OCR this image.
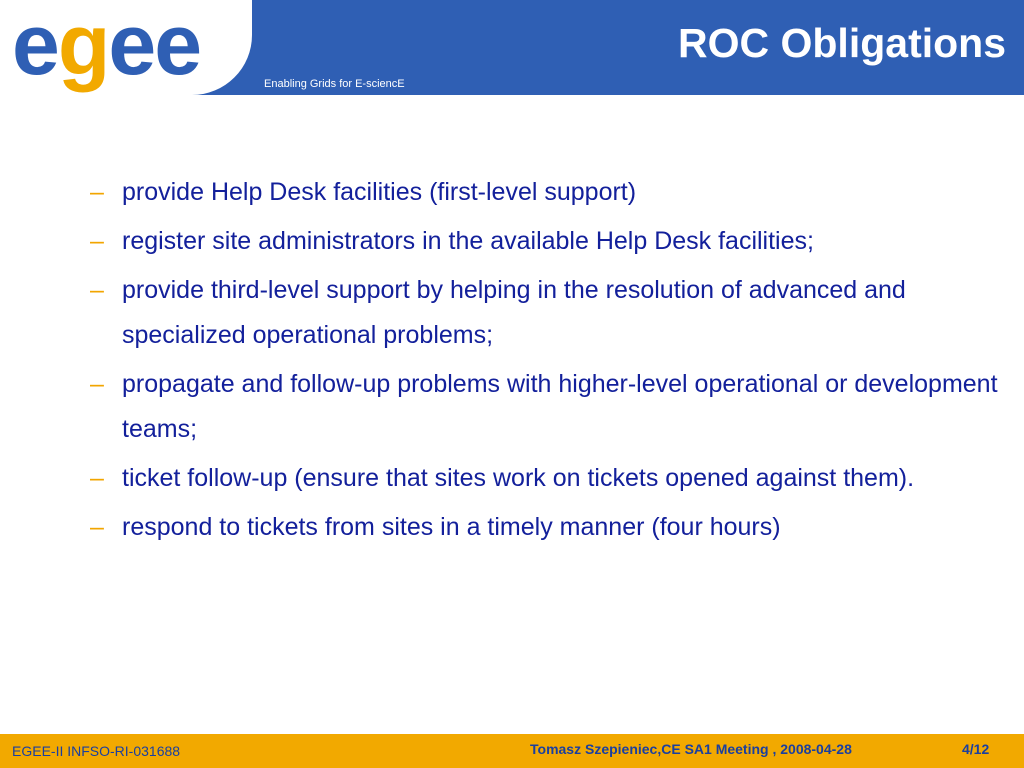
egee	ROC Obligations
Enabling Grids for E-sciencE
– provide Help Desk facilities (first-level support)
– register site administrators in the available Help Desk facilities;
– provide third-level support by helping in the resolution of advanced and specialized operational problems;
– propagate and follow-up problems with higher-level operational or development teams;
– ticket follow-up (ensure that sites work on tickets opened against them).
– respond to tickets from sites in a timely manner (four hours)
EGEE-II INFSO-RI-031688	Tomasz Szepieniec,CE SA1 Meeting , 2008-04-28	4/12
